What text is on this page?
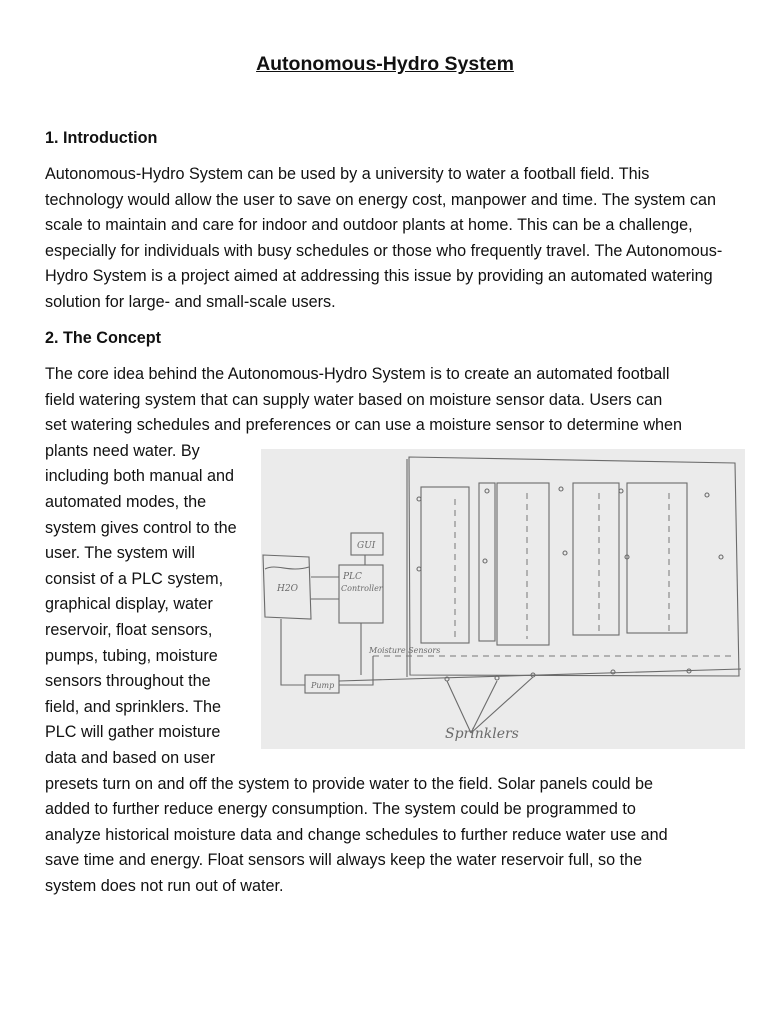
Autonomous-Hydro System
1. Introduction

Autonomous-Hydro System can be used by a university to water a football field. This technology would allow the user to save on energy cost, manpower and time. The system can scale to maintain and care for indoor and outdoor plants at home. This can be a challenge, especially for individuals with busy schedules or those who frequently travel. The Autonomous-Hydro System is a project aimed at addressing this issue by providing an automated watering solution for large- and small-scale users.

2. The Concept

The core idea behind the Autonomous-Hydro System is to create an automated football
field watering system that can supply water based on moisture sensor data. Users can
set watering schedules and preferences or can use a moisture sensor to determine when
plants need water. By
including both manual and
automated modes, the
system gives control to the
user. The system will
consist of a PLC system,
graphical display, water
reservoir, float sensors,
pumps, tubing, moisture
sensors throughout the
field, and sprinklers. The
PLC will gather moisture
data and based on user
presets turn on and off the system to provide water to the field. Solar panels could be
added to further reduce energy consumption. The system could be programmed to
analyze historical moisture data and change schedules to further reduce water use and
save time and energy. Float sensors will always keep the water reservoir full, so the
system does not run out of water.

H2O
PLC
Controller
GUI
Pump
Moisture Sensors
Sprinklers
